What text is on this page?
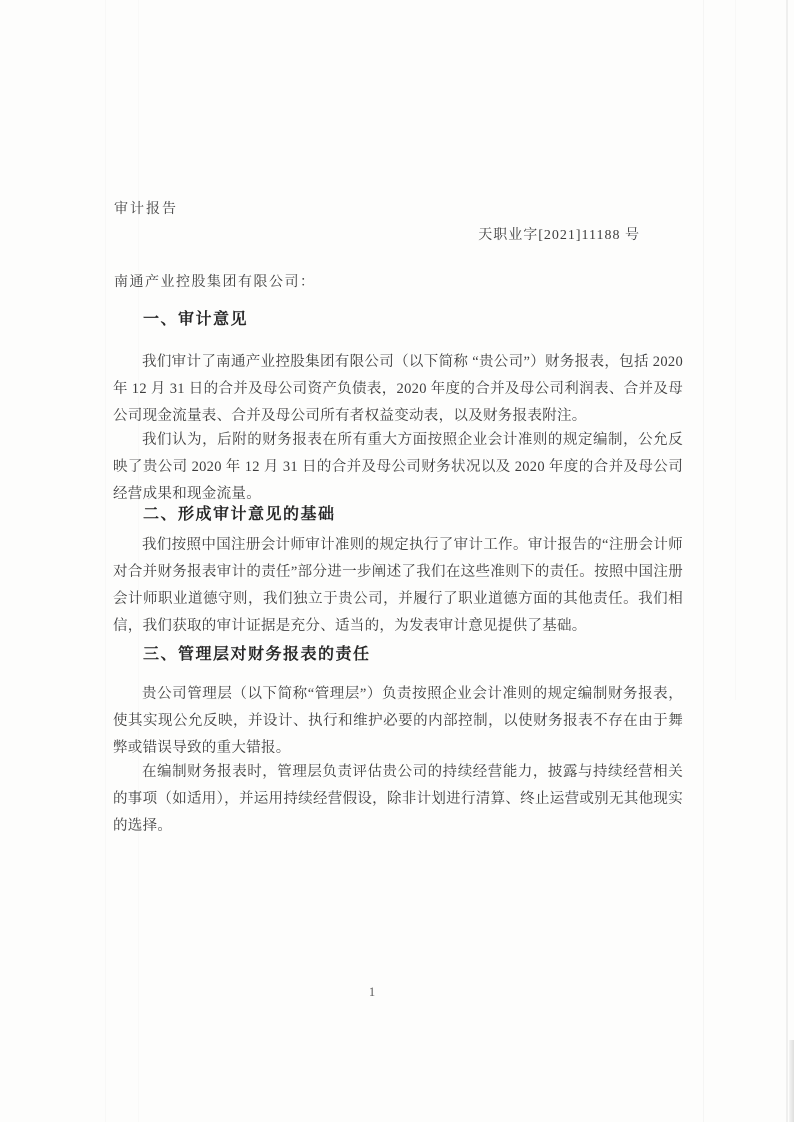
审计报告
天职业字[2021]11188 号
南通产业控股集团有限公司：
一、审计意见

我们审计了南通产业控股集团有限公司（以下简称 “贵公司”）财务报表，包括 2020 年 12 月 31 日的合并及母公司资产负债表，2020 年度的合并及母公司利润表、合并及母公司现金流量表、合并及母公司所有者权益变动表，以及财务报表附注。

我们认为，后附的财务报表在所有重大方面按照企业会计准则的规定编制，公允反映了贵公司 2020 年 12 月 31 日的合并及母公司财务状况以及 2020 年度的合并及母公司经营成果和现金流量。

二、形成审计意见的基础

我们按照中国注册会计师审计准则的规定执行了审计工作。审计报告的“注册会计师对合并财务报表审计的责任”部分进一步阐述了我们在这些准则下的责任。按照中国注册会计师职业道德守则，我们独立于贵公司，并履行了职业道德方面的其他责任。我们相信，我们获取的审计证据是充分、适当的，为发表审计意见提供了基础。

三、管理层对财务报表的责任

贵公司管理层（以下简称“管理层”）负责按照企业会计准则的规定编制财务报表，使其实现公允反映，并设计、执行和维护必要的内部控制，以使财务报表不存在由于舞弊或错误导致的重大错报。

在编制财务报表时，管理层负责评估贵公司的持续经营能力，披露与持续经营相关的事项（如适用），并运用持续经营假设，除非计划进行清算、终止运营或别无其他现实的选择。

1
